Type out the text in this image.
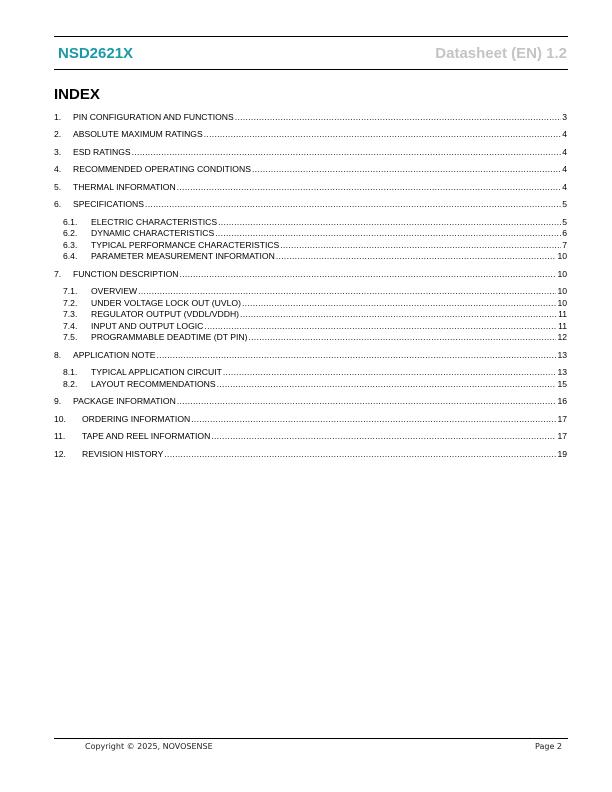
NSD2621X	Datasheet (EN) 1.2
INDEX
1.	PIN CONFIGURATION AND FUNCTIONS .....	3
2.	ABSOLUTE MAXIMUM RATINGS .....	4
3.	ESD RATINGS .....	4
4.	RECOMMENDED OPERATING CONDITIONS .....	4
5.	THERMAL INFORMATION .....	4
6.	SPECIFICATIONS .....	5
6.1.	ELECTRIC CHARACTERISTICS .....	5
6.2.	DYNAMIC CHARACTERISTICS .....	6
6.3.	TYPICAL PERFORMANCE CHARACTERISTICS .....	7
6.4.	PARAMETER MEASUREMENT INFORMATION .....	10
7.	FUNCTION DESCRIPTION .....	10
7.1.	OVERVIEW .....	10
7.2.	UNDER VOLTAGE LOCK OUT (UVLO) .....	10
7.3.	REGULATOR OUTPUT (VDDL/VDDH) .....	11
7.4.	INPUT AND OUTPUT LOGIC .....	11
7.5.	PROGRAMMABLE DEADTIME (DT PIN) .....	12
8.	APPLICATION NOTE .....	13
8.1.	TYPICAL APPLICATION CIRCUIT .....	13
8.2.	LAYOUT RECOMMENDATIONS .....	15
9.	PACKAGE INFORMATION .....	16
10.	ORDERING INFORMATION .....	17
11.	TAPE AND REEL INFORMATION .....	17
12.	REVISION HISTORY .....	19
Copyright © 2025, NOVOSENSE	Page 2
